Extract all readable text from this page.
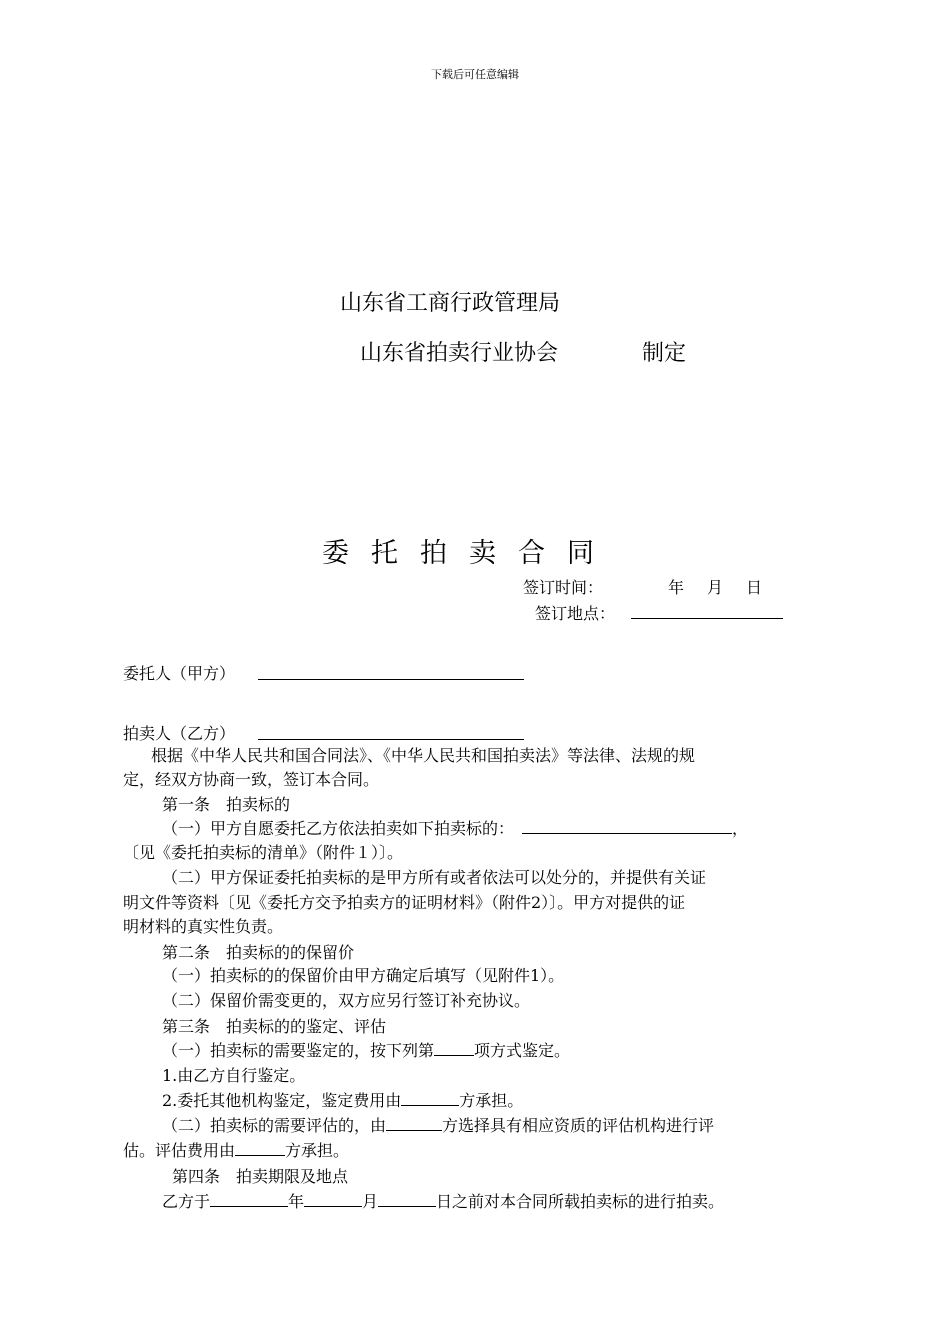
下载后可任意编辑
山东省工商行政管理局
山东省拍卖行业协会	制定
委托拍卖合同
签订时间：	年 月 日
签订地点：
委托人（甲方）
拍卖人（乙方）
根据《中华人民共和国合同法》、《中华人民共和国拍卖法》等法律、法规的规
定，经双方协商一致，签订本合同。
第一条　拍卖标的
（一）甲方自愿委托乙方依法拍卖如下拍卖标的：	，
〔见《委托拍卖标的清单》（附件１）〕。
（二）甲方保证委托拍卖标的是甲方所有或者依法可以处分的，并提供有关证
明文件等资料〔见《委托方交予拍卖方的证明材料》（附件2）〕。甲方对提供的证
明材料的真实性负责。
第二条　拍卖标的的保留价
（一）拍卖标的的保留价由甲方确定后填写（见附件1）。
（二）保留价需变更的，双方应另行签订补充协议。
第三条　拍卖标的的鉴定、评估
（一）拍卖标的需要鉴定的，按下列第	项方式鉴定。
1.由乙方自行鉴定。
2.委托其他机构鉴定，鉴定费用由	方承担。
（二）拍卖标的需要评估的，由	方选择具有相应资质的评估机构进行评
估。评估费用由	方承担。
第四条　拍卖期限及地点
乙方于	年	月	日之前对本合同所载拍卖标的进行拍卖。
